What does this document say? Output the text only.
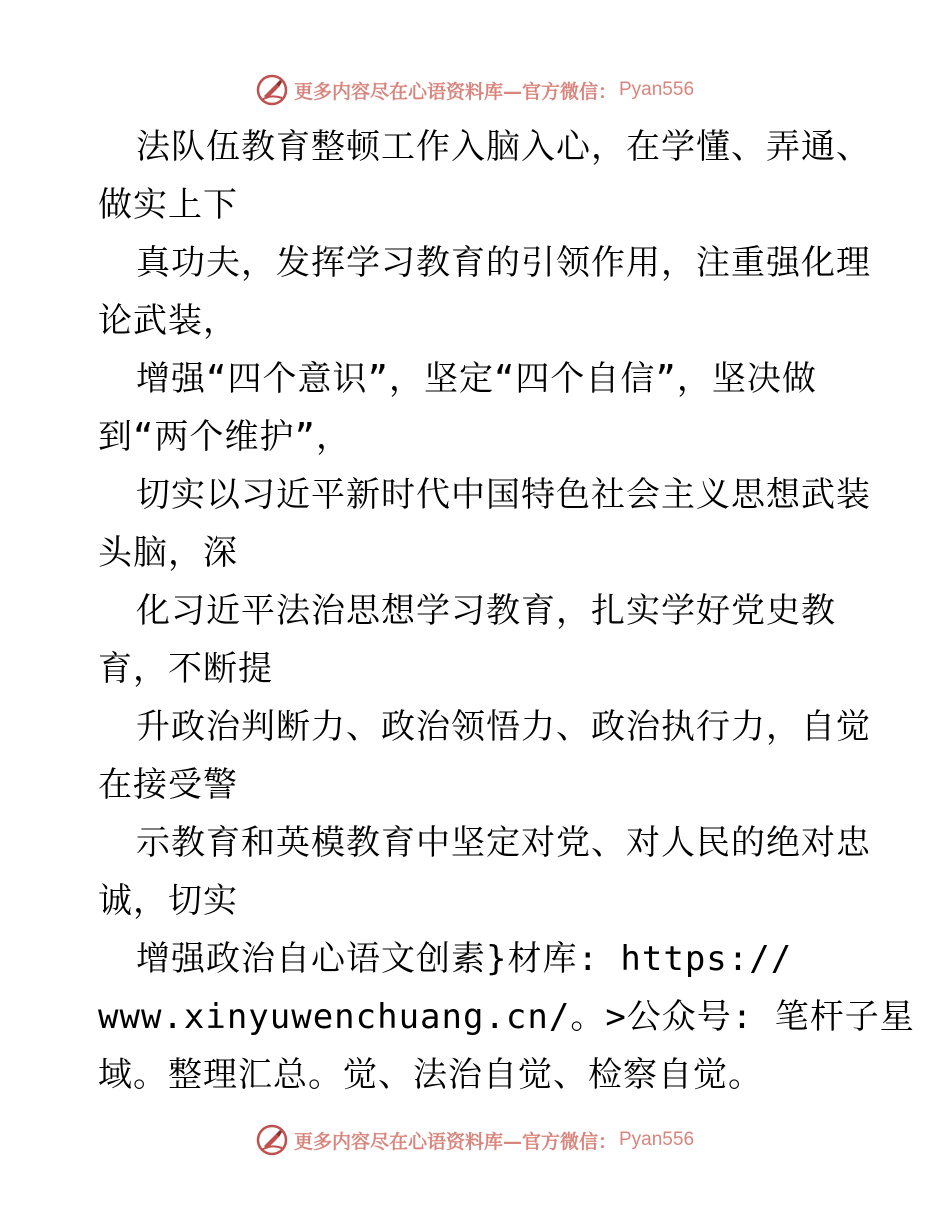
更多内容尽在心语资料库—官方微信： Pyan556
法队伍教育整顿工作入脑入心，在学懂、弄通、
做实上下
真功夫，发挥学习教育的引领作用，注重强化理
论武装，
增强“四个意识”，坚定“四个自信”，坚决做
到“两个维护”，
切实以习近平新时代中国特色社会主义思想武装
头脑，深
化习近平法治思想学习教育，扎实学好党史教
育，不断提
升政治判断力、政治领悟力、政治执行力，自觉
在接受警
示教育和英模教育中坚定对党、对人民的绝对忠
诚，切实
增强政治自心语文创素}材库: https://
www.xinyuwenchuang.cn/。>公众号: 笔杆子星
域。整理汇总。觉、法治自觉、检察自觉。
更多内容尽在心语资料库—官方微信： Pyan556
